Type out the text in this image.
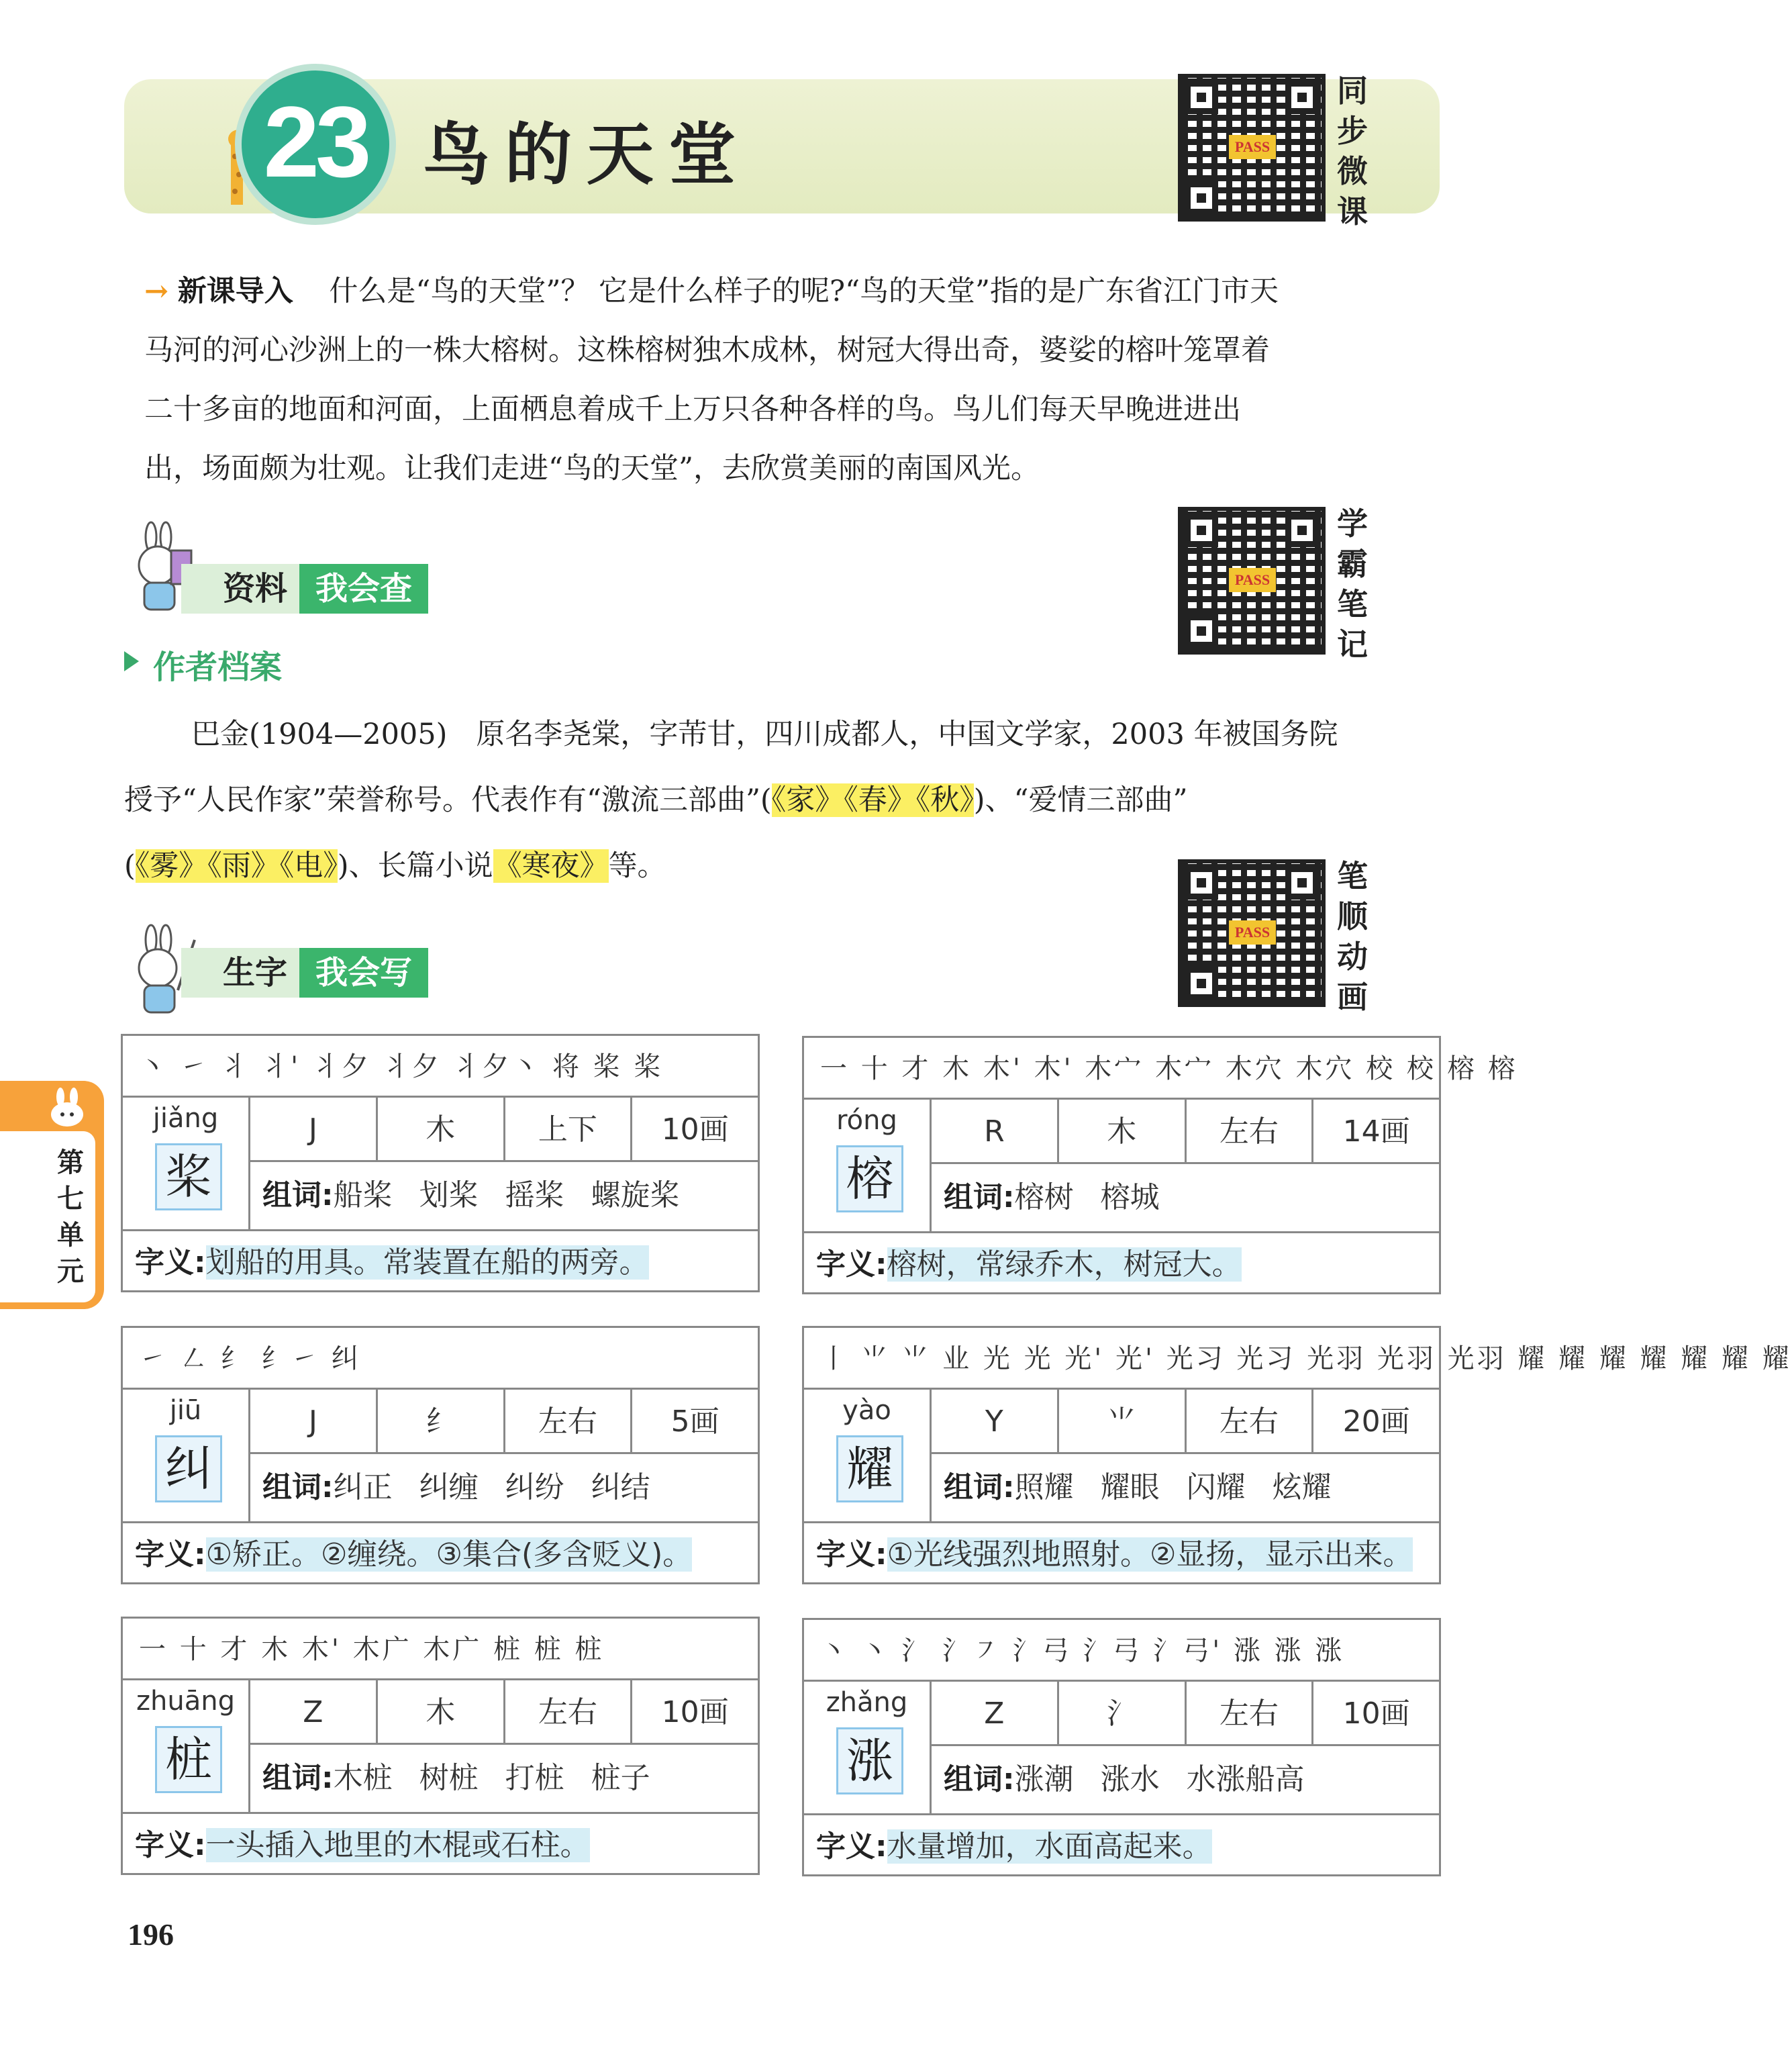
23 鸟的天堂	PASS
同
步
微
课
→ 新课导入 什么是“鸟的天堂”？ 它是什么样子的呢?“鸟的天堂”指的是广东省江门市天
马河的河心沙洲上的一株大榕树。这株榕树独木成林，树冠大得出奇，婆娑的榕叶笼罩着
二十多亩的地面和河面，上面栖息着成千上万只各种各样的鸟。鸟儿们每天早晚进进出
出，场面颇为壮观。让我们走进“鸟的天堂”，去欣赏美丽的南国风光。
PASS
学
霸
笔
记
资料 我会查
作者档案
巴金(1904—2005)　原名李尧棠，字芾甘，四川成都人，中国文学家，2003 年被国务院
授予“人民作家”荣誉称号。代表作有“激流三部曲”(《家》《春》《秋》)、“爱情三部曲”
(《雾》《雨》《电》)、长篇小说《寒夜》等。
PASS
笔
顺
动
画
生字 我会写
第
七
单
元
丶 ㇀ 丬 丬' 丬夕 丬夕 丬夕丶 将 桨 桨
jiǎng
桨
J	木	上下	10画
组词:船桨 划桨 摇桨 螺旋桨
字义:划船的用具。常装置在船的两旁。
一 十 才 木 木' 木' 木宀 木宀 木穴 木穴 校 校 榕 榕
róng
榕
R	木	左右	14画
组词:榕树 榕城
字义:榕树，常绿乔木，树冠大。
㇀ ㇜ 纟 纟㇀ 纠
jiū
纠
J	纟	左右	5画
组词:纠正 纠缠 纠纷 纠结
字义:①矫正。②缠绕。③集合(多含贬义)。
丨 ⺌ ⺌ 业 光 光 光' 光' 光习 光习 光羽 光羽 光羽 耀 耀 耀 耀 耀 耀 耀
yào
耀
Y	⺌	左右	20画
组词:照耀 耀眼 闪耀 炫耀
字义:①光线强烈地照射。②显扬，显示出来。
一 十 才 木 木' 木广 木广 桩 桩 桩
zhuāng
桩
Z	木	左右	10画
组词:木桩 树桩 打桩 桩子
字义:一头插入地里的木棍或石柱。
丶 丶 氵 氵㇇ 氵弓 氵弓 氵弓' 涨 涨 涨
zhǎng
涨
Z	氵	左右	10画
组词:涨潮 涨水 水涨船高
字义:水量增加，水面高起来。
196
